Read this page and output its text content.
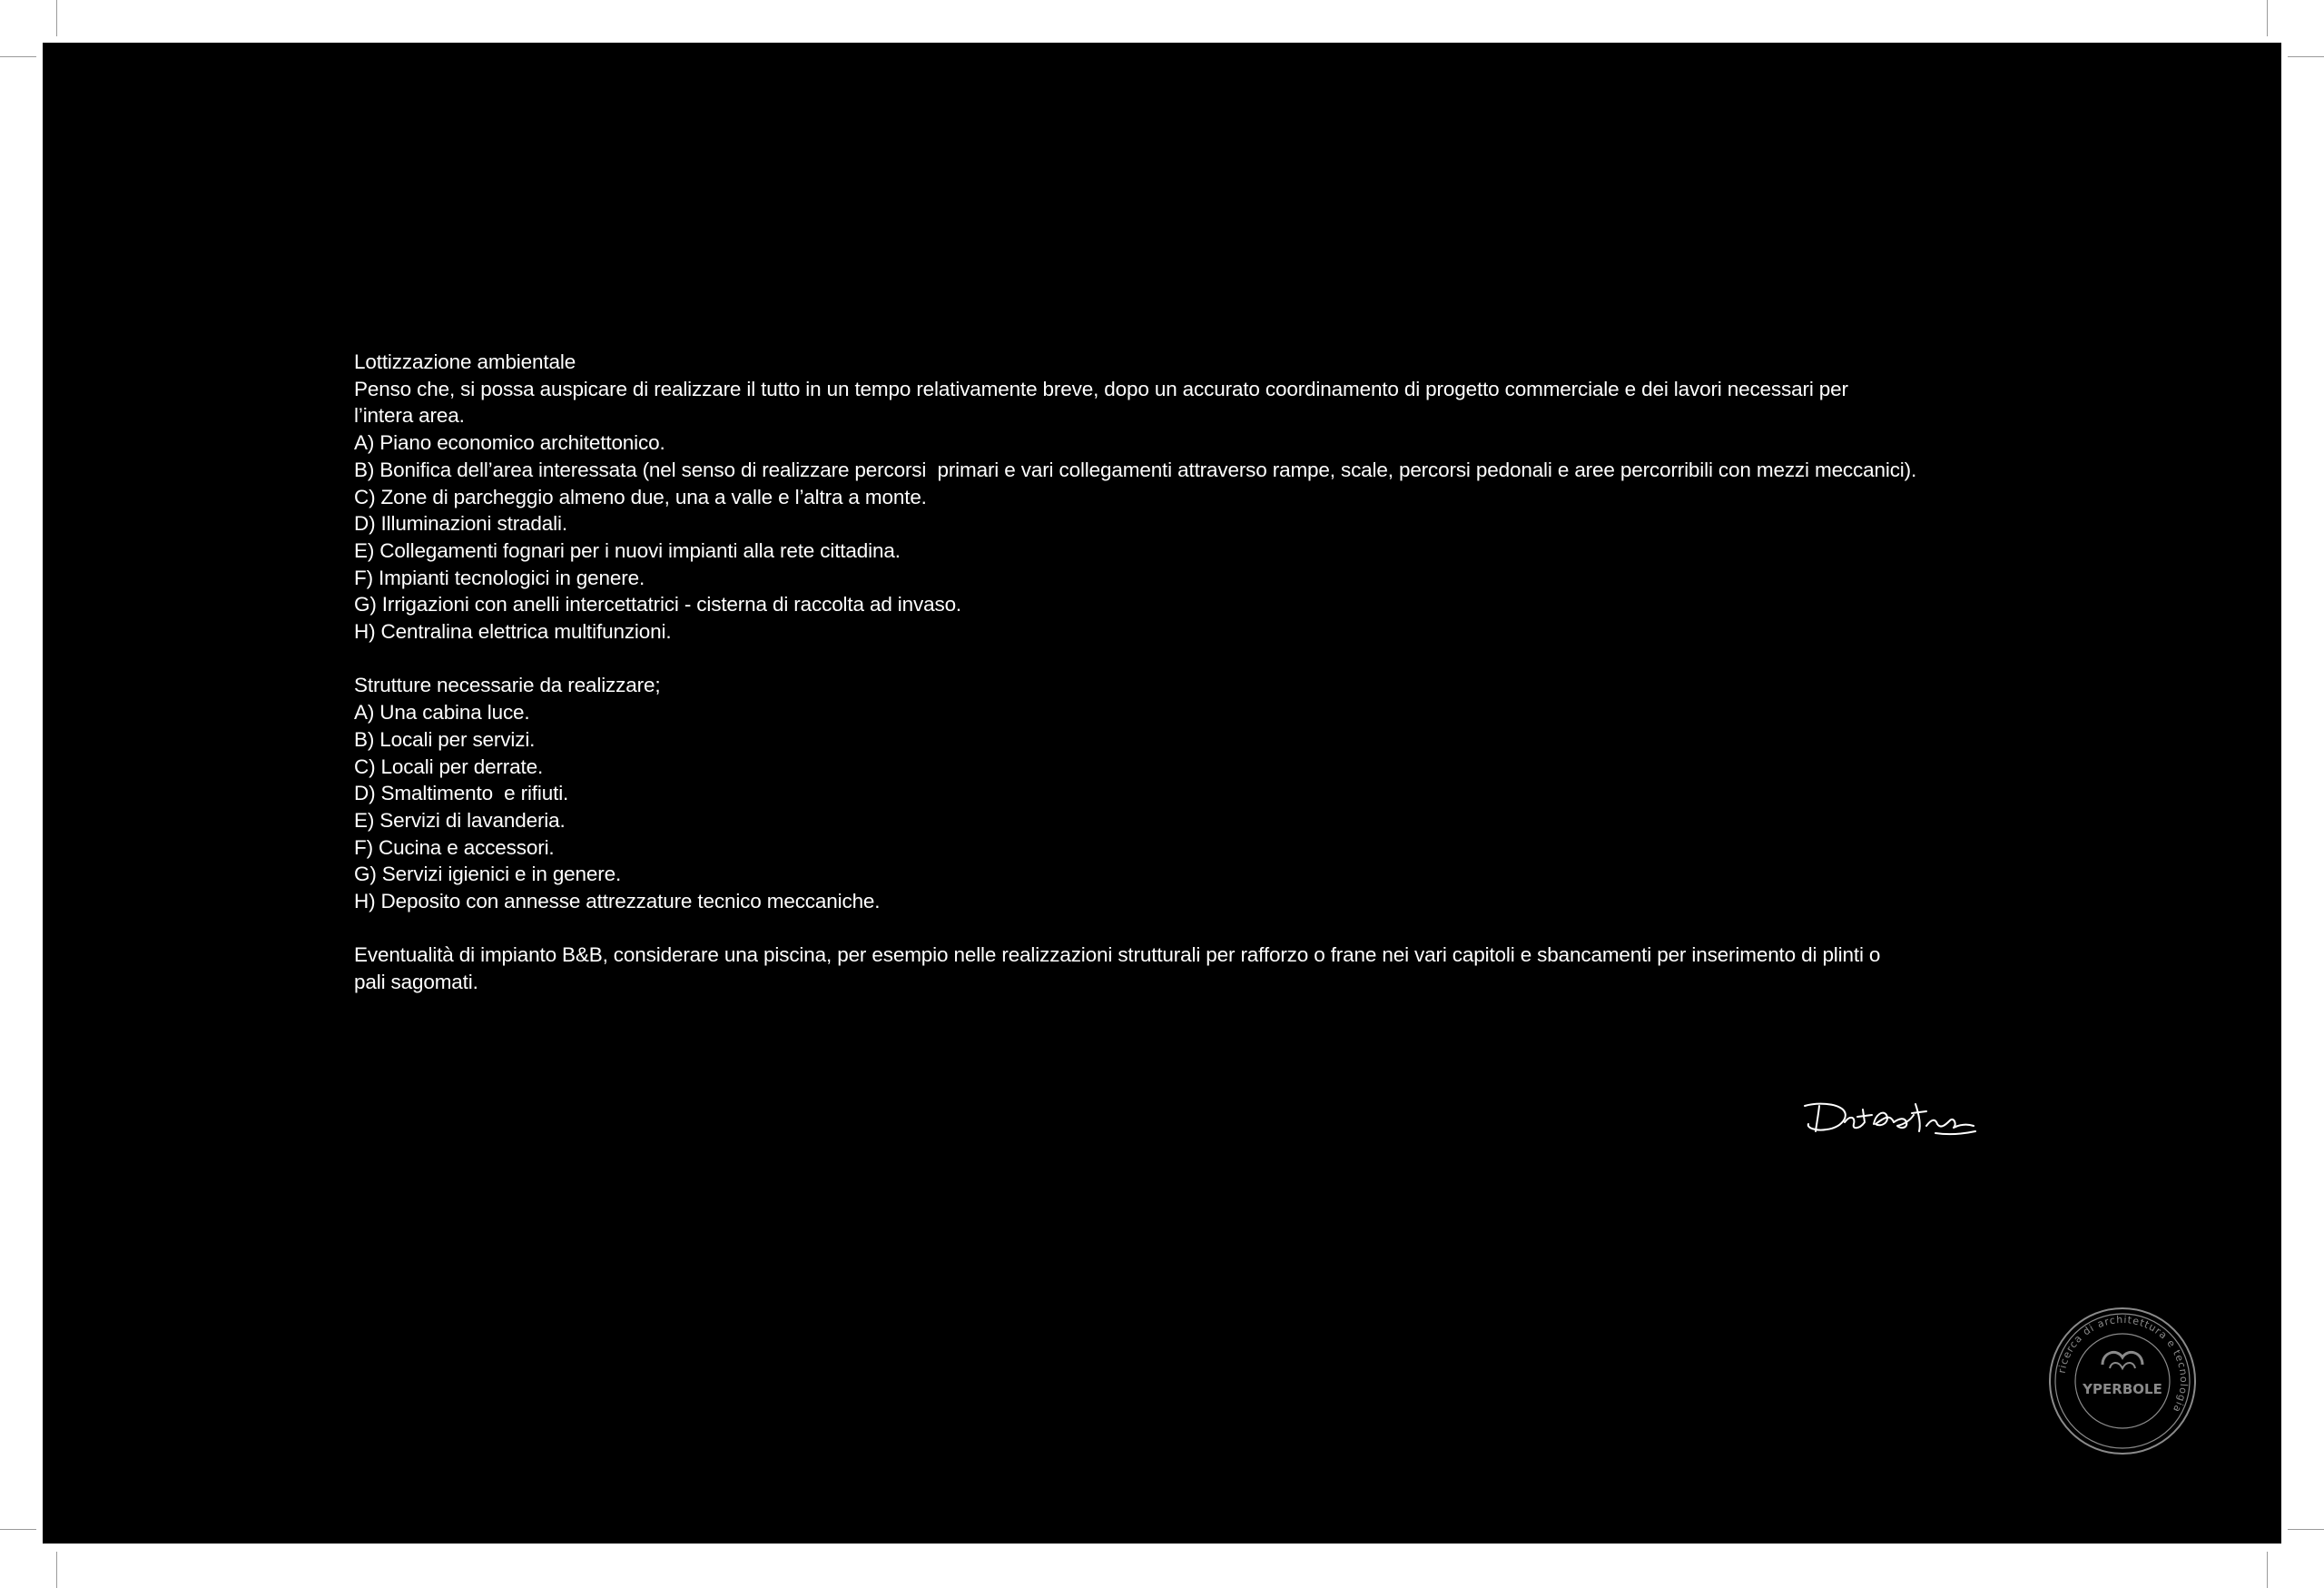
Lottizzazione ambientale

Penso che, si possa auspicare di realizzare il tutto in un tempo relativamente breve, dopo un accurato coordinamento di progetto commerciale e dei lavori necessari per

l’intera area.

A) Piano economico architettonico.

B) Bonifica dell’area interessata (nel senso di realizzare percorsi  primari e vari collegamenti attraverso rampe, scale, percorsi pedonali e aree percorribili con mezzi meccanici).

C) Zone di parcheggio almeno due, una a valle e l’altra a monte.

D) Illuminazioni stradali.

E) Collegamenti fognari per i nuovi impianti alla rete cittadina.

F) Impianti tecnologici in genere.

G) Irrigazioni con anelli intercettatrici - cisterna di raccolta ad invaso.

H) Centralina elettrica multifunzioni.

Strutture necessarie da realizzare;

A) Una cabina luce.

B) Locali per servizi.

C) Locali per derrate.

D) Smaltimento  e rifiuti.

E) Servizi di lavanderia.

F) Cucina e accessori.

G) Servizi igienici e in genere.

H) Deposito con annesse attrezzature tecnico meccaniche.

Eventualità di impianto B&B, considerare una piscina, per esempio nelle realizzazioni strutturali per rafforzo o frane nei vari capitoli e sbancamenti per inserimento di plinti o

pali sagomati.

ricerca di architettura e tecnologia
YPERBOLE
